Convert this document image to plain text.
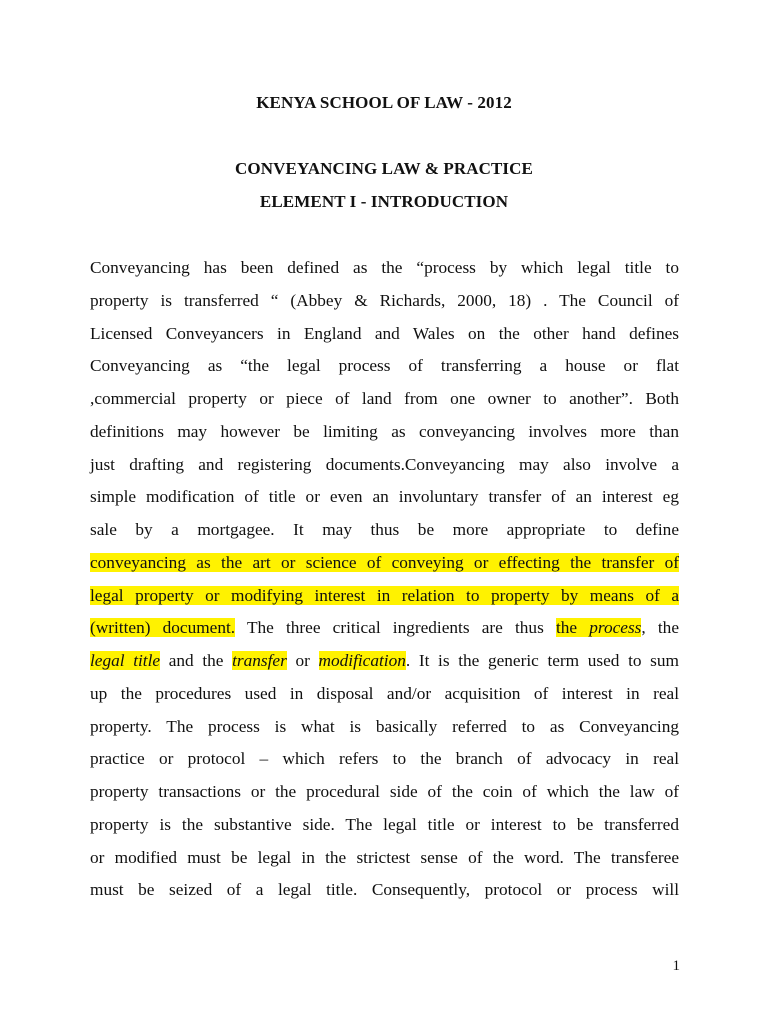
KENYA SCHOOL OF LAW - 2012
CONVEYANCING LAW & PRACTICE
ELEMENT I - INTRODUCTION
Conveyancing has been defined as the “process by which legal title to
property is transferred “ (Abbey & Richards, 2000, 18) . The Council of
Licensed Conveyancers in England and Wales on the other hand defines
Conveyancing as “the legal process of transferring a house or flat
,commercial property or piece of land from one owner to another”. Both
definitions may however be limiting as conveyancing involves more than
just drafting and registering documents.Conveyancing may also involve a
simple modification of title or even an involuntary transfer of an interest eg
sale by a mortgagee. It may thus be more appropriate to define
conveyancing as the art or science of conveying or effecting the transfer of
legal property or modifying interest in relation to property by means of a
(written) document. The three critical ingredients are thus the process, the
legal title and the transfer or modification. It is the generic term used to sum
up the procedures used in disposal and/or acquisition of interest in real
property. The process is what is basically referred to as Conveyancing
practice or protocol – which refers to the branch of advocacy in real
property transactions or the procedural side of the coin of which the law of
property is the substantive side. The legal title or interest to be transferred
or modified must be legal in the strictest sense of the word. The transferee
must be seized of a legal title. Consequently, protocol or process will
1
